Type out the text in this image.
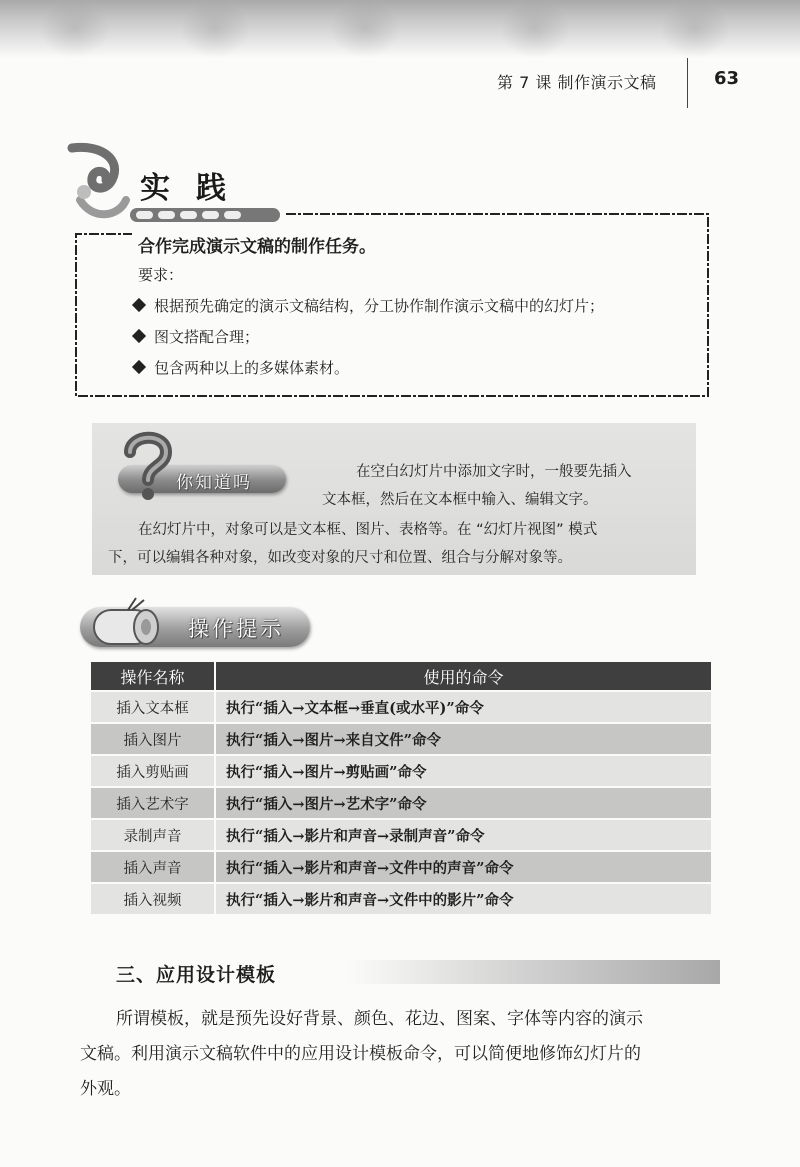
第 7 课 制作演示文稿	63
实践
合作完成演示文稿的制作任务。
要求：
根据预先确定的演示文稿结构，分工协作制作演示文稿中的幻灯片；
图文搭配合理；
包含两种以上的多媒体素材。
你知道吗
在空白幻灯片中添加文字时，一般要先插入
文本框，然后在文本框中输入、编辑文字。
在幻灯片中，对象可以是文本框、图片、表格等。在 “幻灯片视图” 模式
下，可以编辑各种对象，如改变对象的尺寸和位置、组合与分解对象等。
操作提示
操作名称	使用的命令
插入文本框	执行“插入→文本框→垂直(或水平)”命令
插入图片	执行“插入→图片→来自文件”命令
插入剪贴画	执行“插入→图片→剪贴画”命令
插入艺术字	执行“插入→图片→艺术字”命令
录制声音	执行“插入→影片和声音→录制声音”命令
插入声音	执行“插入→影片和声音→文件中的声音”命令
插入视频	执行“插入→影片和声音→文件中的影片”命令
三、应用设计模板
所谓模板，就是预先设好背景、颜色、花边、图案、字体等内容的演示
文稿。利用演示文稿软件中的应用设计模板命令，可以简便地修饰幻灯片的
外观。
